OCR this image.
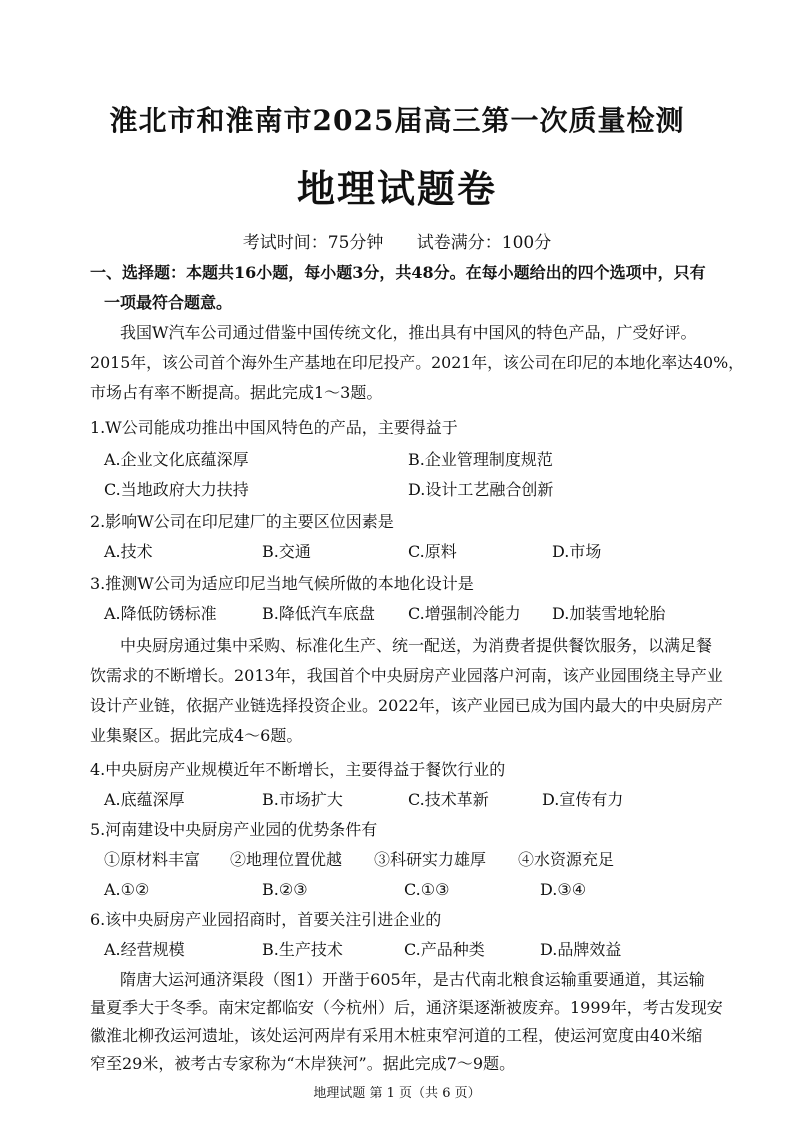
淮北市和淮南市2025届高三第一次质量检测
地理试题卷
考试时间：75分钟 试卷满分：100分
一、选择题：本题共16小题，每小题3分，共48分。在每小题给出的四个选项中，只有
一项最符合题意。
我国W汽车公司通过借鉴中国传统文化，推出具有中国风的特色产品，广受好评。
2015年，该公司首个海外生产基地在印尼投产。2021年，该公司在印尼的本地化率达40%，
市场占有率不断提高。据此完成1～3题。
1.W公司能成功推出中国风特色的产品，主要得益于
A.企业文化底蕴深厚	B.企业管理制度规范
C.当地政府大力扶持	D.设计工艺融合创新
2.影响W公司在印尼建厂的主要区位因素是
A.技术	B.交通	C.原料	D.市场
3.推测W公司为适应印尼当地气候所做的本地化设计是
A.降低防锈标准	B.降低汽车底盘 C.增强制冷能力 D.加装雪地轮胎
中央厨房通过集中采购、标准化生产、统一配送，为消费者提供餐饮服务，以满足餐
饮需求的不断增长。2013年，我国首个中央厨房产业园落户河南，该产业园围绕主导产业
设计产业链，依据产业链选择投资企业。2022年，该产业园已成为国内最大的中央厨房产
业集聚区。据此完成4～6题。
4.中央厨房产业规模近年不断增长，主要得益于餐饮行业的
A.底蕴深厚	B.市场扩大	C.技术革新	D.宣传有力
5.河南建设中央厨房产业园的优势条件有
①原材料丰富 ②地理位置优越 ③科研实力雄厚 ④水资源充足
A.①②	B.②③	C.①③	D.③④
6.该中央厨房产业园招商时，首要关注引进企业的
A.经营规模	B.生产技术	C.产品种类	D.品牌效益
隋唐大运河通济渠段（图1）开凿于605年，是古代南北粮食运输重要通道，其运输
量夏季大于冬季。南宋定都临安（今杭州）后，通济渠逐渐被废弃。1999年，考古发现安
徽淮北柳孜运河遗址，该处运河两岸有采用木桩束窄河道的工程，使运河宽度由40米缩
窄至29米，被考古专家称为“木岸狭河”。据此完成7～9题。
地理试题 第 1 页（共 6 页）
